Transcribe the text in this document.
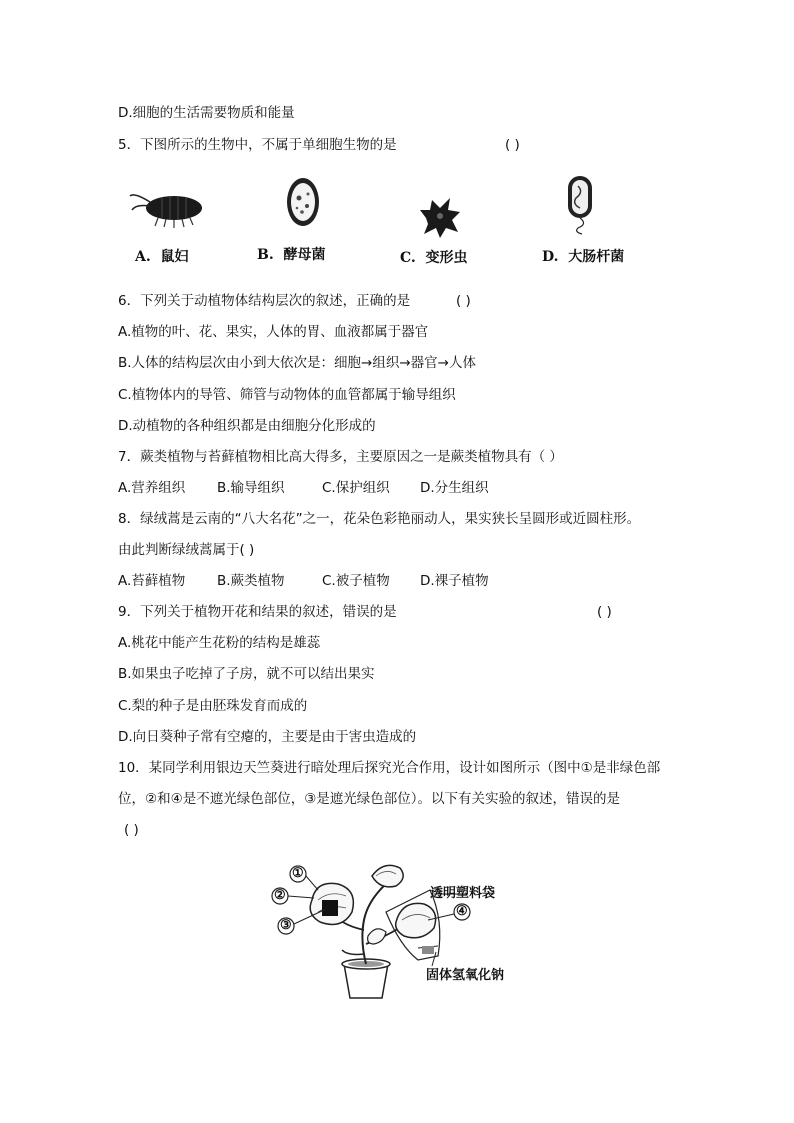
D.细胞的生活需要物质和能量
5．下图所示的生物中，不属于单细胞生物的是	( )
A. 鼠妇	B. 酵母菌	C. 变形虫	D. 大肠杆菌
6．下列关于动植物体结构层次的叙述，正确的是	( )
A.植物的叶、花、果实，人体的胃、血液都属于器官
B.人体的结构层次由小到大依次是：细胞→组织→器官→人体
C.植物体内的导管、筛管与动物体的血管都属于输导组织
D.动植物的各种组织都是由细胞分化形成的
7．蕨类植物与苔藓植物相比高大得多，主要原因之一是蕨类植物具有（ ）
A.营养组织 B.输导组织	C.保护组织 D.分生组织
8．绿绒蒿是云南的“八大名花”之一，花朵色彩艳丽动人，果实狭长呈圆形或近圆柱形。
由此判断绿绒蒿属于( )
A.苔藓植物 B.蕨类植物	C.被子植物 D.裸子植物
9．下列关于植物开花和结果的叙述，错误的是	( )
A.桃花中能产生花粉的结构是雄蕊
B.如果虫子吃掉了子房，就不可以结出果实
C.梨的种子是由胚珠发育而成的
D.向日葵种子常有空瘪的，主要是由于害虫造成的
10．某同学利用银边天竺葵进行暗处理后探究光合作用，设计如图所示（图中①是非绿色部
位，②和④是不遮光绿色部位，③是遮光绿色部位）。以下有关实验的叙述，错误的是
( )
①
②
③
④
透明塑料袋
固体氢氧化钠
